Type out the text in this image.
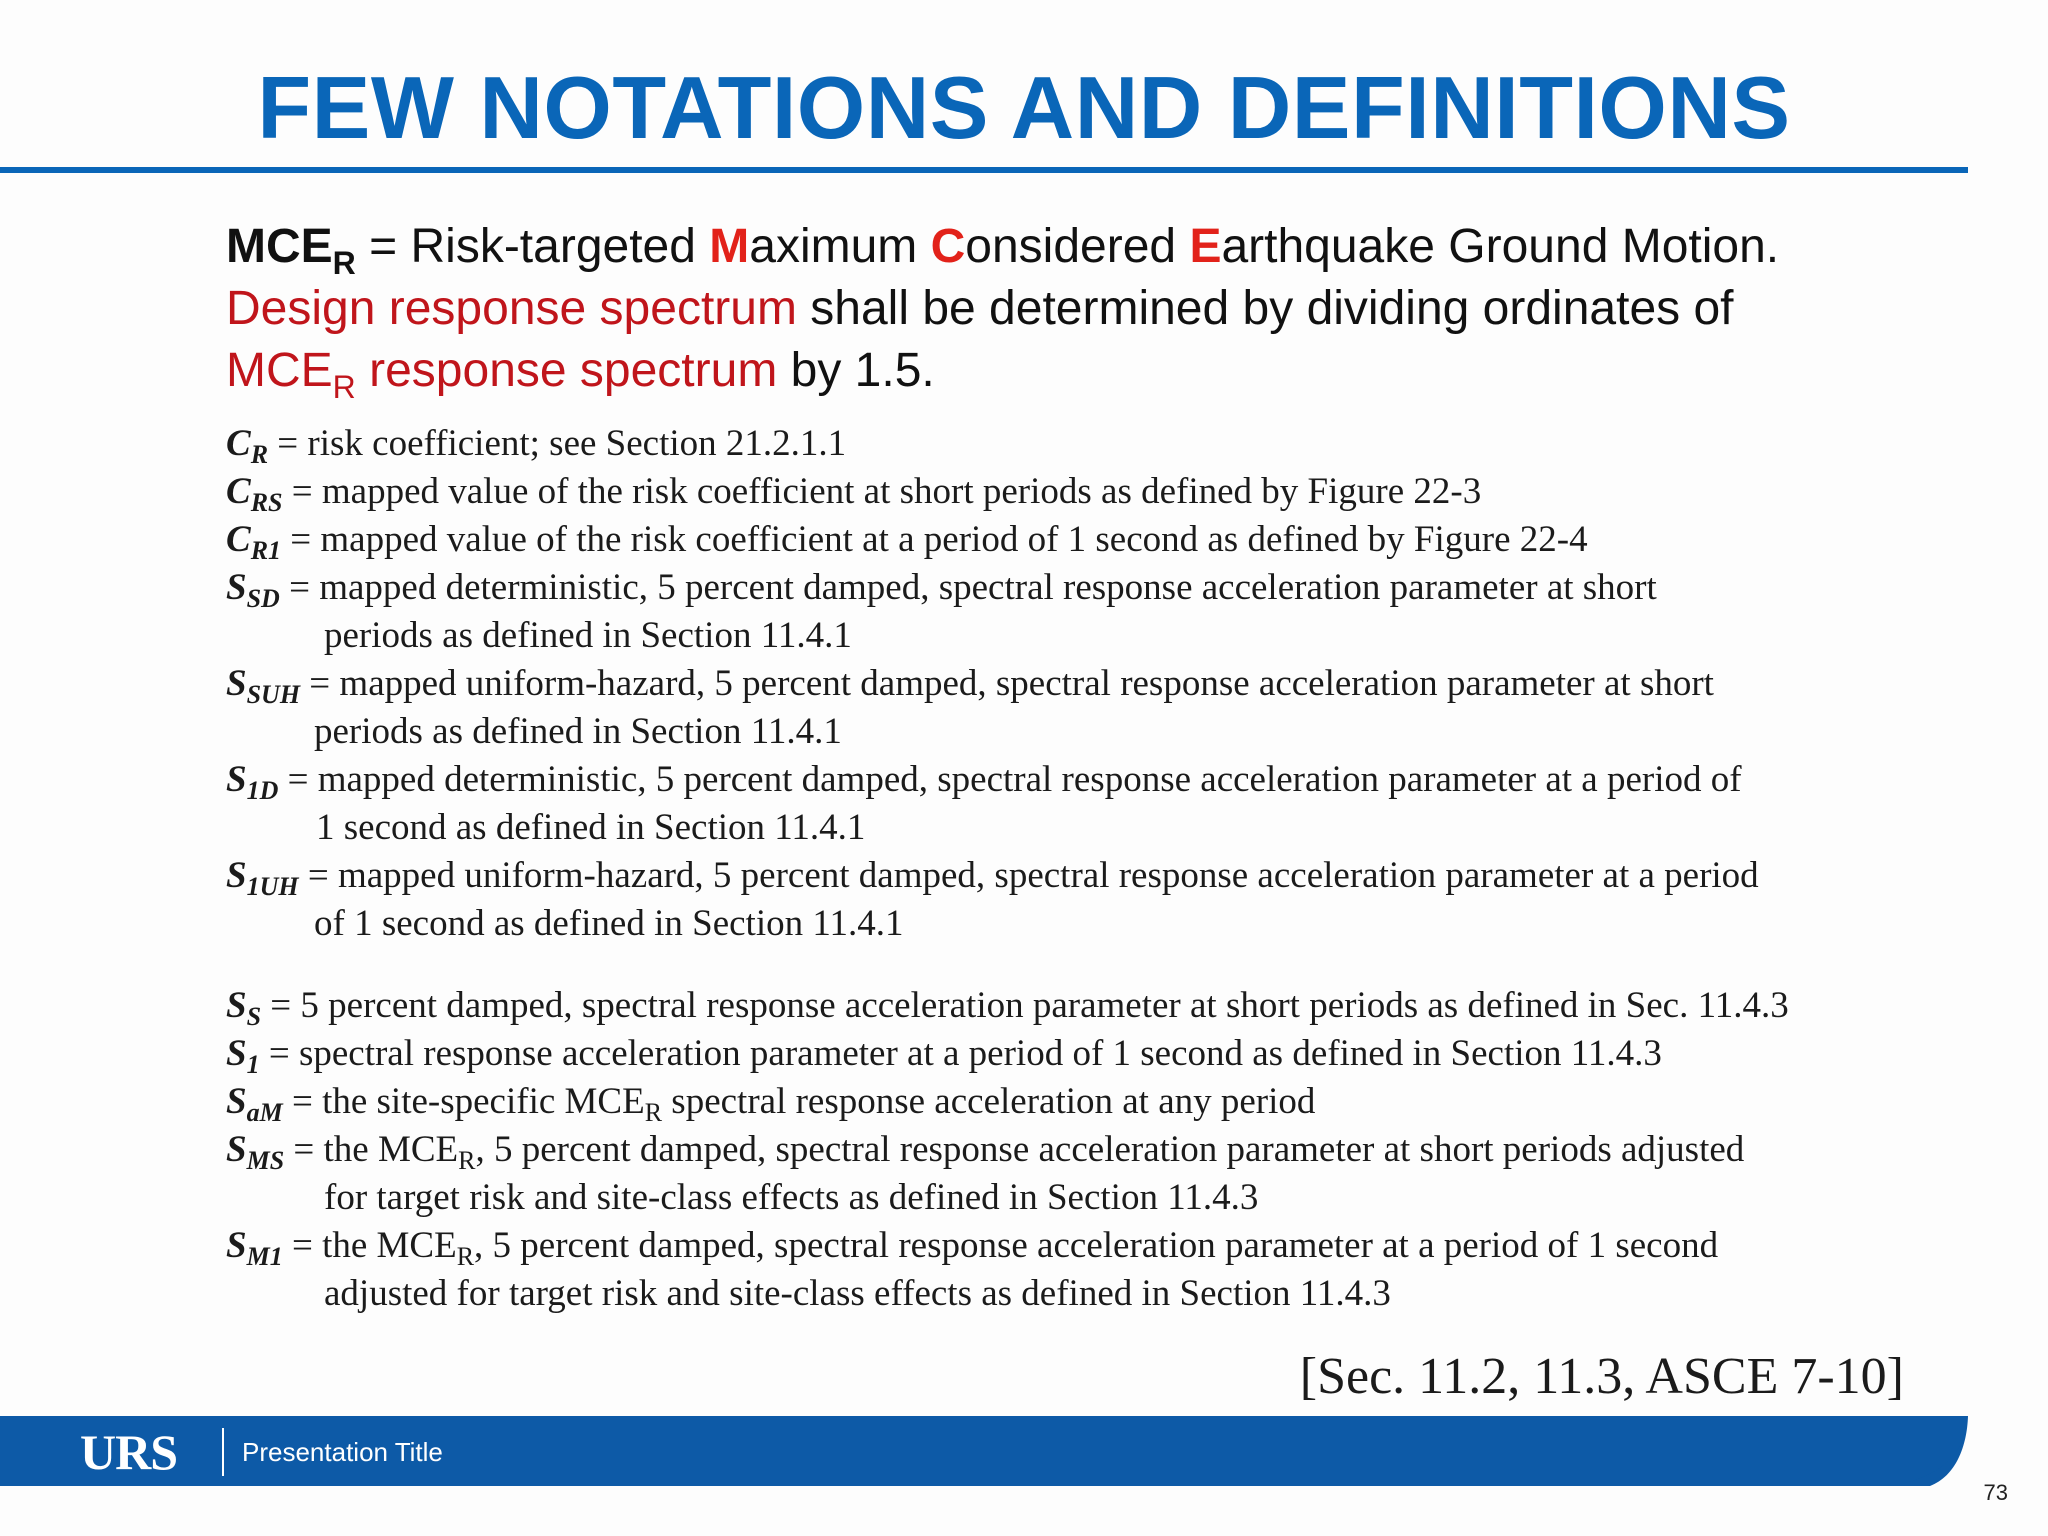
FEW NOTATIONS AND DEFINITIONS
$MCE_R$ = Risk-targeted Maximum Considered Earthquake Ground Motion.
Design response spectrum shall be determined by dividing ordinates of
$MCE_R$ response spectrum by 1.5.
$C_R$ = risk coefficient; see Section 21.2.1.1
$C_{RS}$ = mapped value of the risk coefficient at short periods as defined by Figure 22-3
$C_{R1}$ = mapped value of the risk coefficient at a period of 1 second as defined by Figure 22-4
$S_{SD}$ = mapped deterministic, 5 percent damped, spectral response acceleration parameter at short
periods as defined in Section 11.4.1
$S_{SUH}$ = mapped uniform-hazard, 5 percent damped, spectral response acceleration parameter at short
periods as defined in Section 11.4.1
$S_{1D}$ = mapped deterministic, 5 percent damped, spectral response acceleration parameter at a period of
1 second as defined in Section 11.4.1
$S_{1UH}$ = mapped uniform-hazard, 5 percent damped, spectral response acceleration parameter at a period
of 1 second as defined in Section 11.4.1
$S_S = 5$ percent damped, spectral response acceleration parameter at short periods as defined in Sec. 11.4.3
$S_1$ = spectral response acceleration parameter at a period of 1 second as defined in Section 11.4.3
$S_{aM}$ = the site-specific $MCE_R$ spectral response acceleration at any period
$S_{MS}$ = the $MCE_R$, 5 percent damped, spectral response acceleration parameter at short periods adjusted
for target risk and site-class effects as defined in Section 11.4.3
$S_{M1}$ = the $MCE_R$, 5 percent damped, spectral response acceleration parameter at a period of 1 second
adjusted for target risk and site-class effects as defined in Section 11.4.3
[Sec. 11.2, 11.3, ASCE 7-10]
URS Presentation Title
73
